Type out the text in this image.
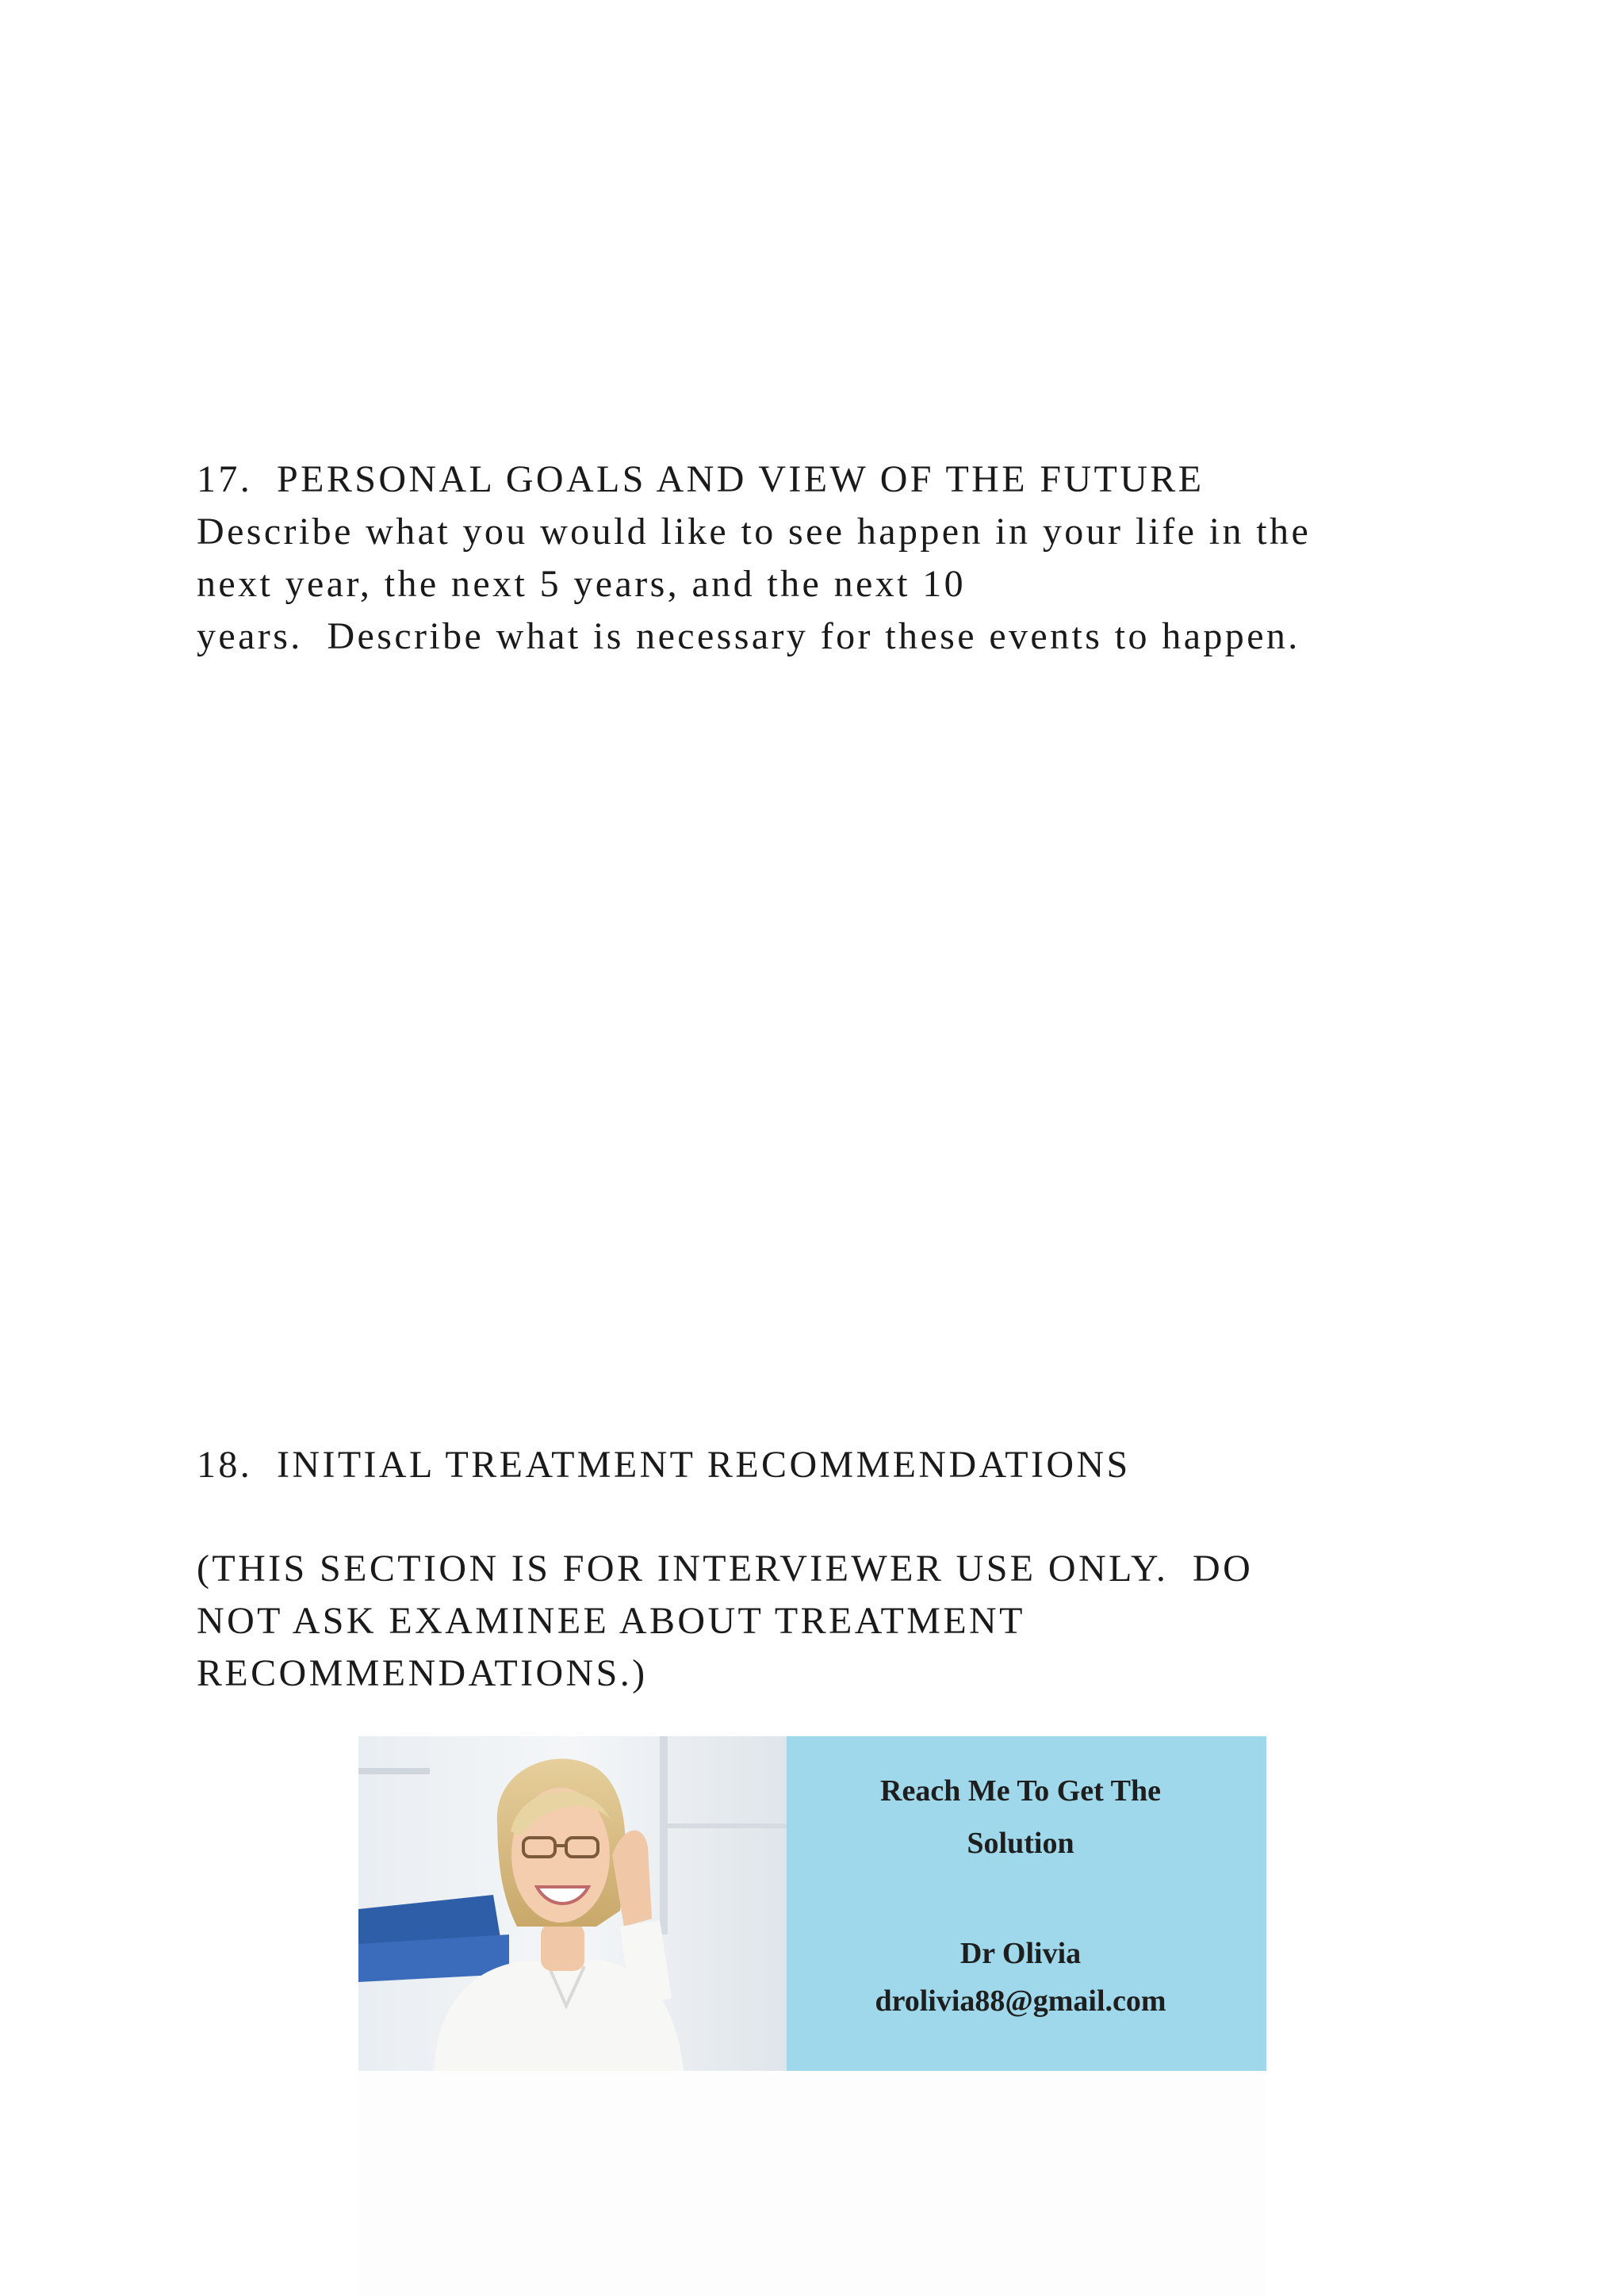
17.  PERSONAL GOALS AND VIEW OF THE FUTURE
Describe what you would like to see happen in your life in the
next year, the next 5 years, and the next 10
years.  Describe what is necessary for these events to happen.
18.  INITIAL TREATMENT RECOMMENDATIONS
(THIS SECTION IS FOR INTERVIEWER USE ONLY.  DO
NOT ASK EXAMINEE ABOUT TREATMENT
RECOMMENDATIONS.)
Reach Me To Get The
Solution
Dr Olivia
drolivia88@gmail.com
